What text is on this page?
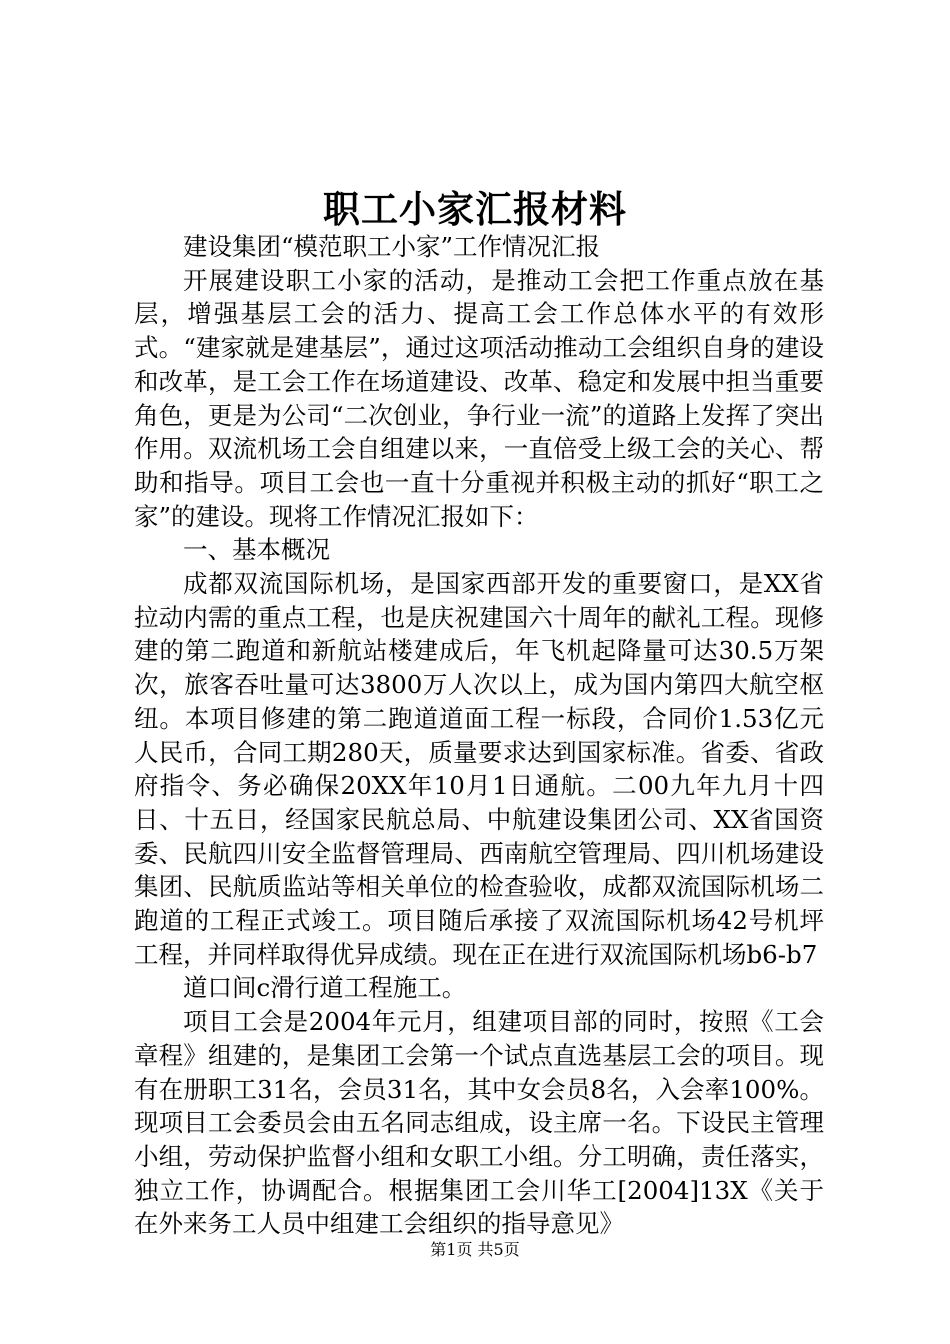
职工小家汇报材料

建设集团“模范职工小家”工作情况汇报

开展建设职工小家的活动，是推动工会把工作重点放在基层，增强基层工会的活力、提高工会工作总体水平的有效形式。“建家就是建基层”，通过这项活动推动工会组织自身的建设和改革，是工会工作在场道建设、改革、稳定和发展中担当重要角色，更是为公司“二次创业，争行业一流”的道路上发挥了突出作用。双流机场工会自组建以来，一直倍受上级工会的关心、帮助和指导。项目工会也一直十分重视并积极主动的抓好“职工之家”的建设。现将工作情况汇报如下：

一、基本概况

成都双流国际机场，是国家西部开发的重要窗口，是XX省拉动内需的重点工程，也是庆祝建国六十周年的献礼工程。现修建的第二跑道和新航站楼建成后，年飞机起降量可达30.5万架次，旅客吞吐量可达3800万人次以上，成为国内第四大航空枢纽。本项目修建的第二跑道道面工程一标段，合同价1.53亿元人民币，合同工期280天，质量要求达到国家标准。省委、省政府指令、务必确保20XX年10月1日通航。二00九年九月十四日、十五日，经国家民航总局、中航建设集团公司、XX省国资委、民航四川安全监督管理局、西南航空管理局、四川机场建设集团、民航质监站等相关单位的检查验收，成都双流国际机场二跑道的工程正式竣工。项目随后承接了双流国际机场42号机坪工程，并同样取得优异成绩。现在正在进行双流国际机场b6-b7

道口间c滑行道工程施工。

项目工会是2004年元月，组建项目部的同时，按照《工会章程》组建的，是集团工会第一个试点直选基层工会的项目。现有在册职工31名，会员31名，其中女会员8名，入会率100%。现项目工会委员会由五名同志组成，设主席一名。下设民主管理小组，劳动保护监督小组和女职工小组。分工明确，责任落实，独立工作，协调配合。根据集团工会川华工[2004]13X《关于在外来务工人员中组建工会组织的指导意见》

第1页 共5页
